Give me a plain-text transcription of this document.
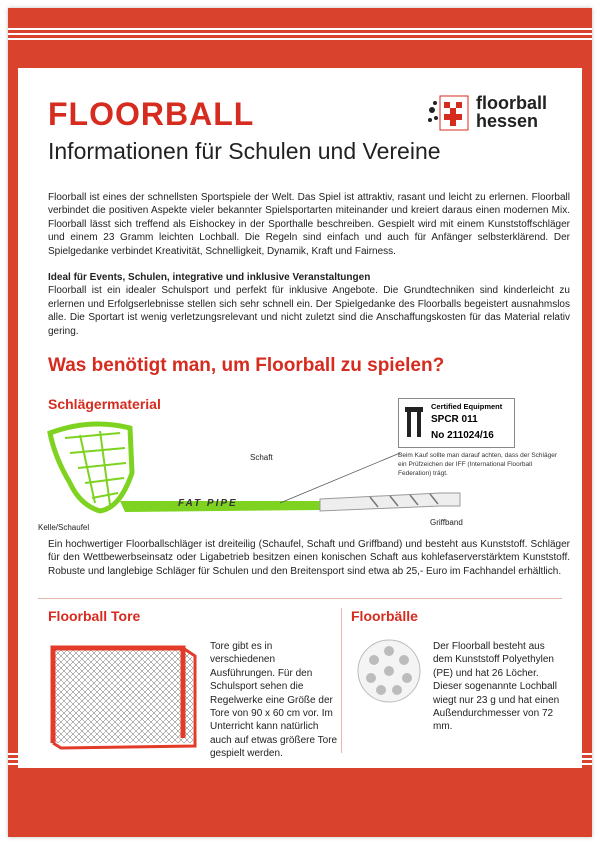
FLOORBALL
Informationen für Schulen und Vereine
floorball
hessen
Floorball ist eines der schnellsten Sportspiele der Welt. Das Spiel ist attraktiv, rasant und leicht zu erlernen. Floorball verbindet die positiven Aspekte vieler bekannter Spielsportarten miteinander und kreiert daraus einen modernen Mix. Floorball lässt sich treffend als Eishockey in der Sporthalle beschreiben. Gespielt wird mit einem Kunststoffschläger und einem 23 Gramm leichten Lochball. Die Regeln sind einfach und auch für Anfänger selbsterklärend. Der Spielgedanke verbindet Kreativität, Schnelligkeit, Dynamik, Kraft und Fairness.
Ideal für Events, Schulen, integrative und inklusive Veranstaltungen
Floorball ist ein idealer Schulsport und perfekt für inklusive Angebote. Die Grundtechniken sind kinderleicht zu erlernen und Erfolgserlebnisse stellen sich sehr schnell ein. Der Spielgedanke des Floorballs begeistert ausnahmslos alle. Die Sportart ist wenig verletzungsrelevant und nicht zuletzt sind die Anschaffungskosten für das Material relativ gering.
Was benötigt man, um Floorball zu spielen?
Schlägermaterial
Schaft
Kelle/Schaufel
Griffband
FAT PIPE
Certified Equipment
SPCR 011
No 211024/16
Beim Kauf sollte man darauf achten, dass der Schläger ein Prüfzeichen der IFF (International Floorball Federation) trägt.
Ein hochwertiger Floorballschläger ist dreiteilig (Schaufel, Schaft und Griffband) und besteht aus Kunststoff. Schläger für den Wettbewerbseinsatz oder Ligabetrieb besitzen einen konischen Schaft aus kohlefaserverstärktem Kunststoff. Robuste und langlebige Schläger für Schulen und den Breitensport sind etwa ab 25,- Euro im Fachhandel erhältlich.
Floorball Tore
Tore gibt es in verschiedenen Ausführungen. Für den Schulsport sehen die Regelwerke eine Größe der Tore von 90 x 60 cm vor. Im Unterricht kann natürlich auch auf etwas größere Tore gespielt werden.
Floorbälle
Der Floorball besteht aus dem Kunststoff Polyethylen (PE) und hat 26 Löcher. Dieser sogenannte Lochball wiegt nur 23 g und hat einen Außendurchmesser von 72 mm.
